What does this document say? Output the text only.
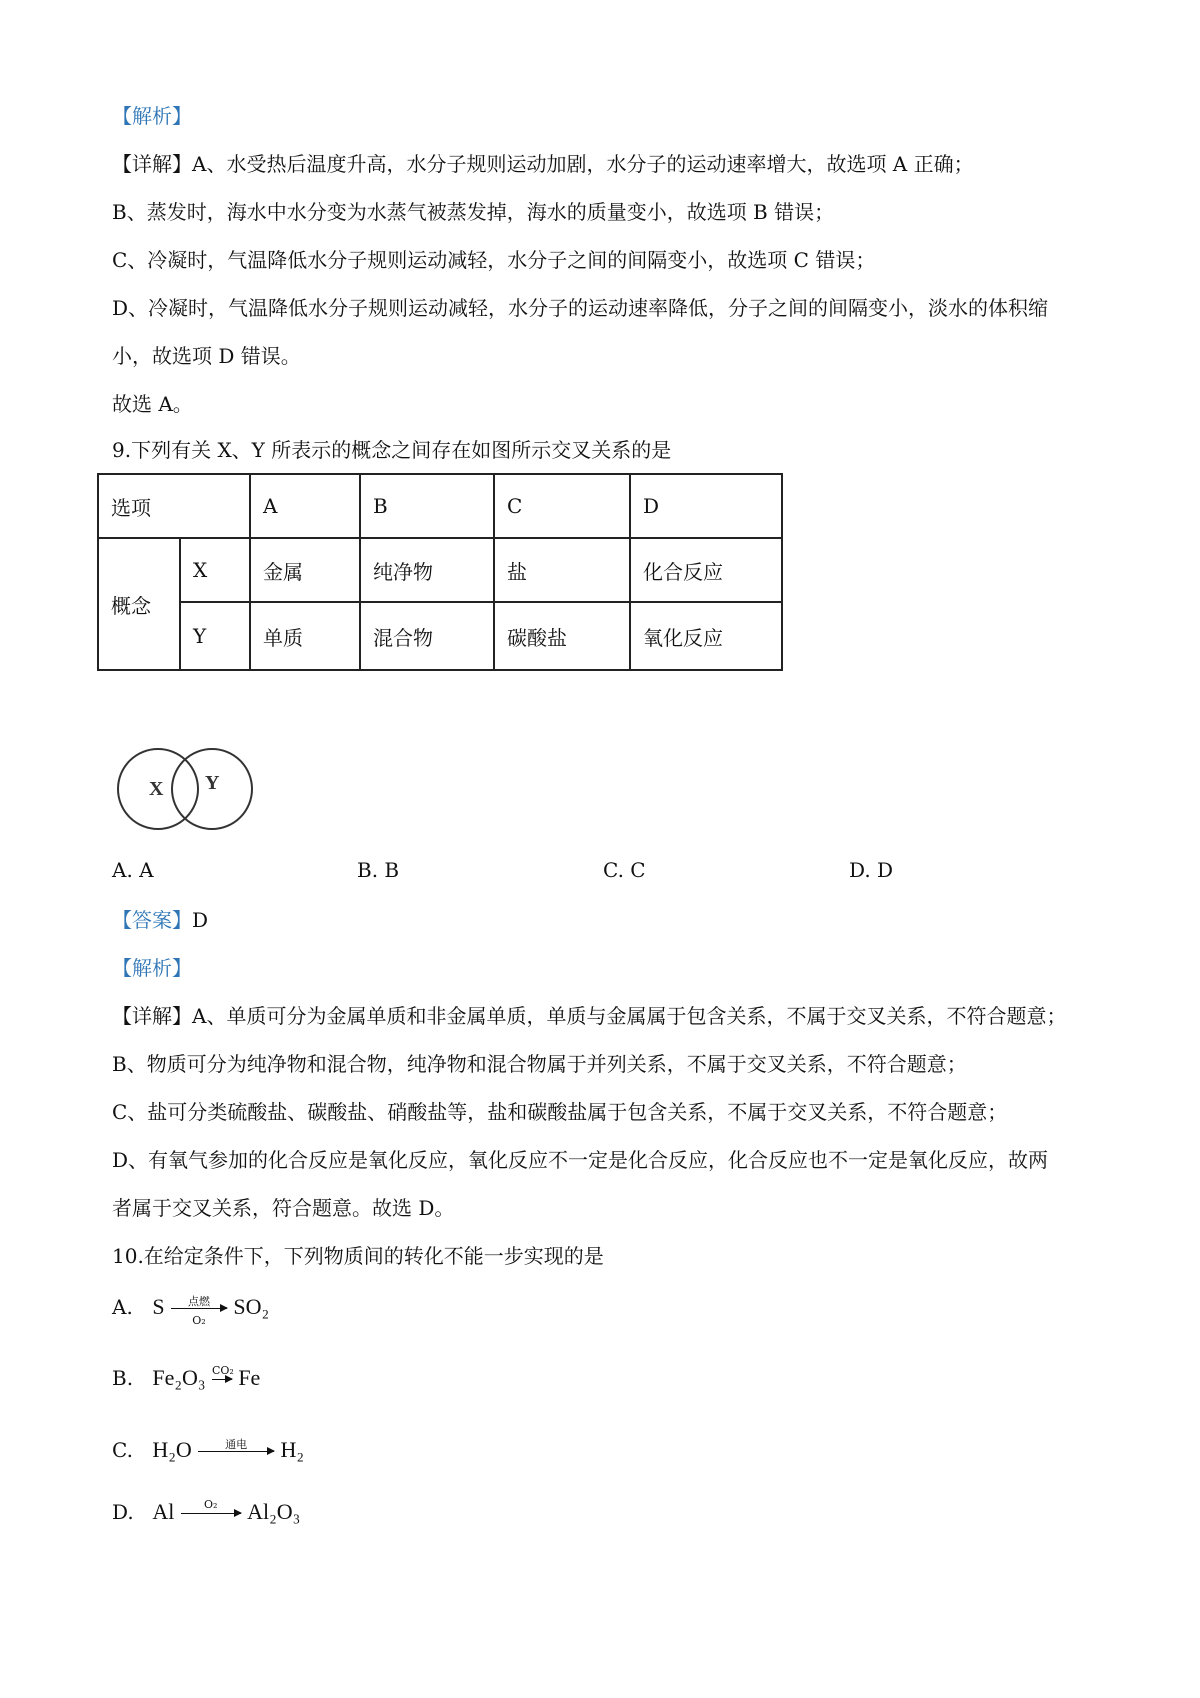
【解析】
【详解】A、水受热后温度升高，水分子规则运动加剧，水分子的运动速率增大，故选项 A 正确；
B、蒸发时，海水中水分变为水蒸气被蒸发掉，海水的质量变小，故选项 B 错误；
C、冷凝时，气温降低水分子规则运动减轻，水分子之间的间隔变小，故选项 C 错误；
D、冷凝时，气温降低水分子规则运动减轻，水分子的运动速率降低，分子之间的间隔变小，淡水的体积缩
小，故选项 D 错误。
故选 A。
9.下列有关 X、Y 所表示的概念之间存在如图所示交叉关系的是
选项		A	B	C	D
概念	X	金属	纯净物	盐	化合反应
	Y	单质	混合物	碳酸盐	氧化反应
X Y
A. A	B. B	C. C	D. D
【答案】D
【解析】
【详解】A、单质可分为金属单质和非金属单质，单质与金属属于包含关系，不属于交叉关系，不符合题意；
B、物质可分为纯净物和混合物，纯净物和混合物属于并列关系，不属于交叉关系，不符合题意；
C、盐可分类硫酸盐、碳酸盐、硝酸盐等，盐和碳酸盐属于包含关系，不属于交叉关系，不符合题意；
D、有氧气参加的化合反应是氧化反应，氧化反应不一定是化合反应，化合反应也不一定是氧化反应，故两
者属于交叉关系，符合题意。故选 D。
10.在给定条件下，下列物质间的转化不能一步实现的是
A. S	点燃
O₂
SO₂
B. Fe₂O₃ CO₂ Fe
C. H₂O	通电	H₂
D. Al	O₂	Al₂O₃
